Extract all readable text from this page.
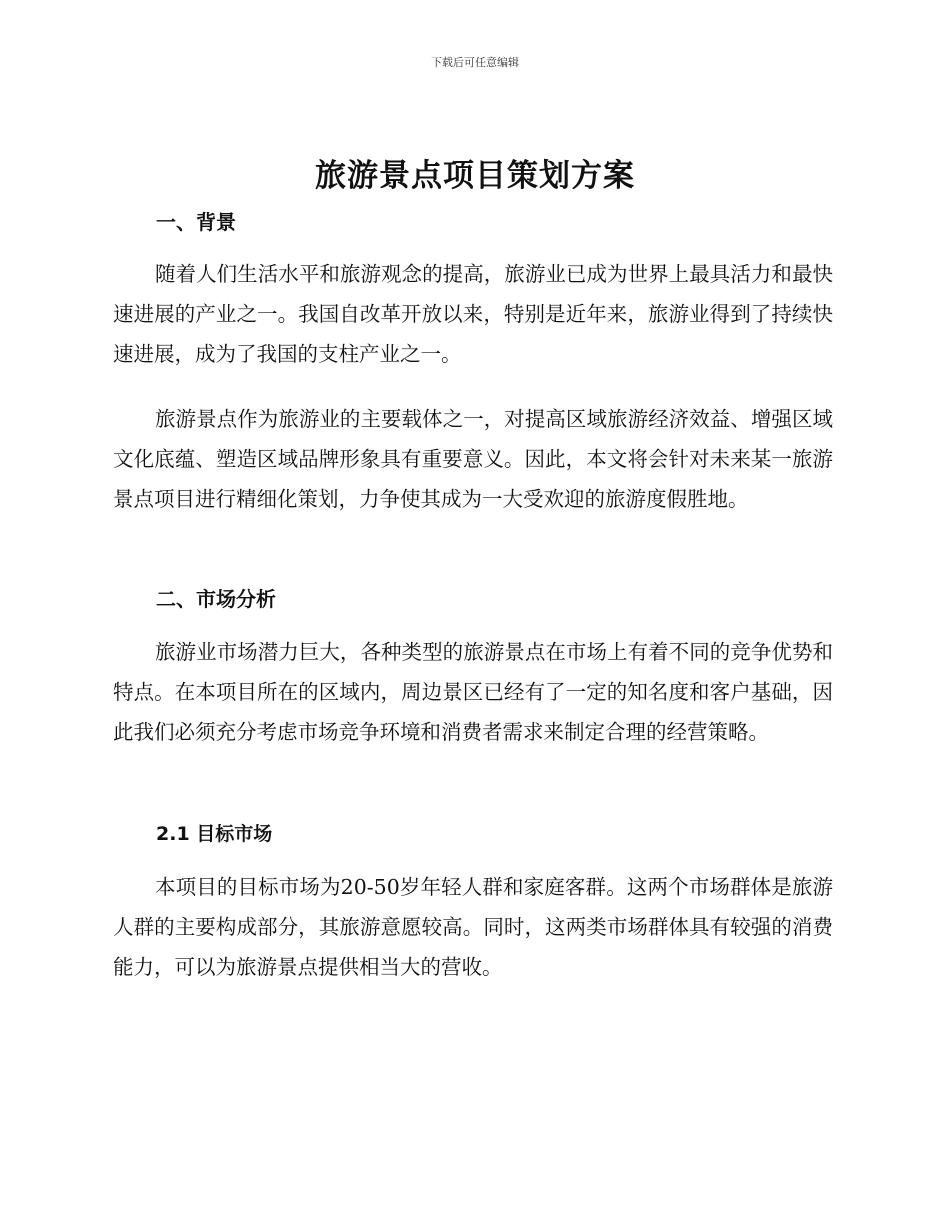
下载后可任意编辑
旅游景点项目策划方案
一、背景

随着人们生活水平和旅游观念的提高，旅游业已成为世界上最具活力和最快速进展的产业之一。我国自改革开放以来，特别是近年来，旅游业得到了持续快速进展，成为了我国的支柱产业之一。

旅游景点作为旅游业的主要载体之一，对提高区域旅游经济效益、增强区域文化底蕴、塑造区域品牌形象具有重要意义。因此，本文将会针对未来某一旅游景点项目进行精细化策划，力争使其成为一大受欢迎的旅游度假胜地。

二、市场分析

旅游业市场潜力巨大，各种类型的旅游景点在市场上有着不同的竞争优势和特点。在本项目所在的区域内，周边景区已经有了一定的知名度和客户基础，因此我们必须充分考虑市场竞争环境和消费者需求来制定合理的经营策略。

2.1 目标市场

本项目的目标市场为20-50岁年轻人群和家庭客群。这两个市场群体是旅游人群的主要构成部分，其旅游意愿较高。同时，这两类市场群体具有较强的消费能力，可以为旅游景点提供相当大的营收。
